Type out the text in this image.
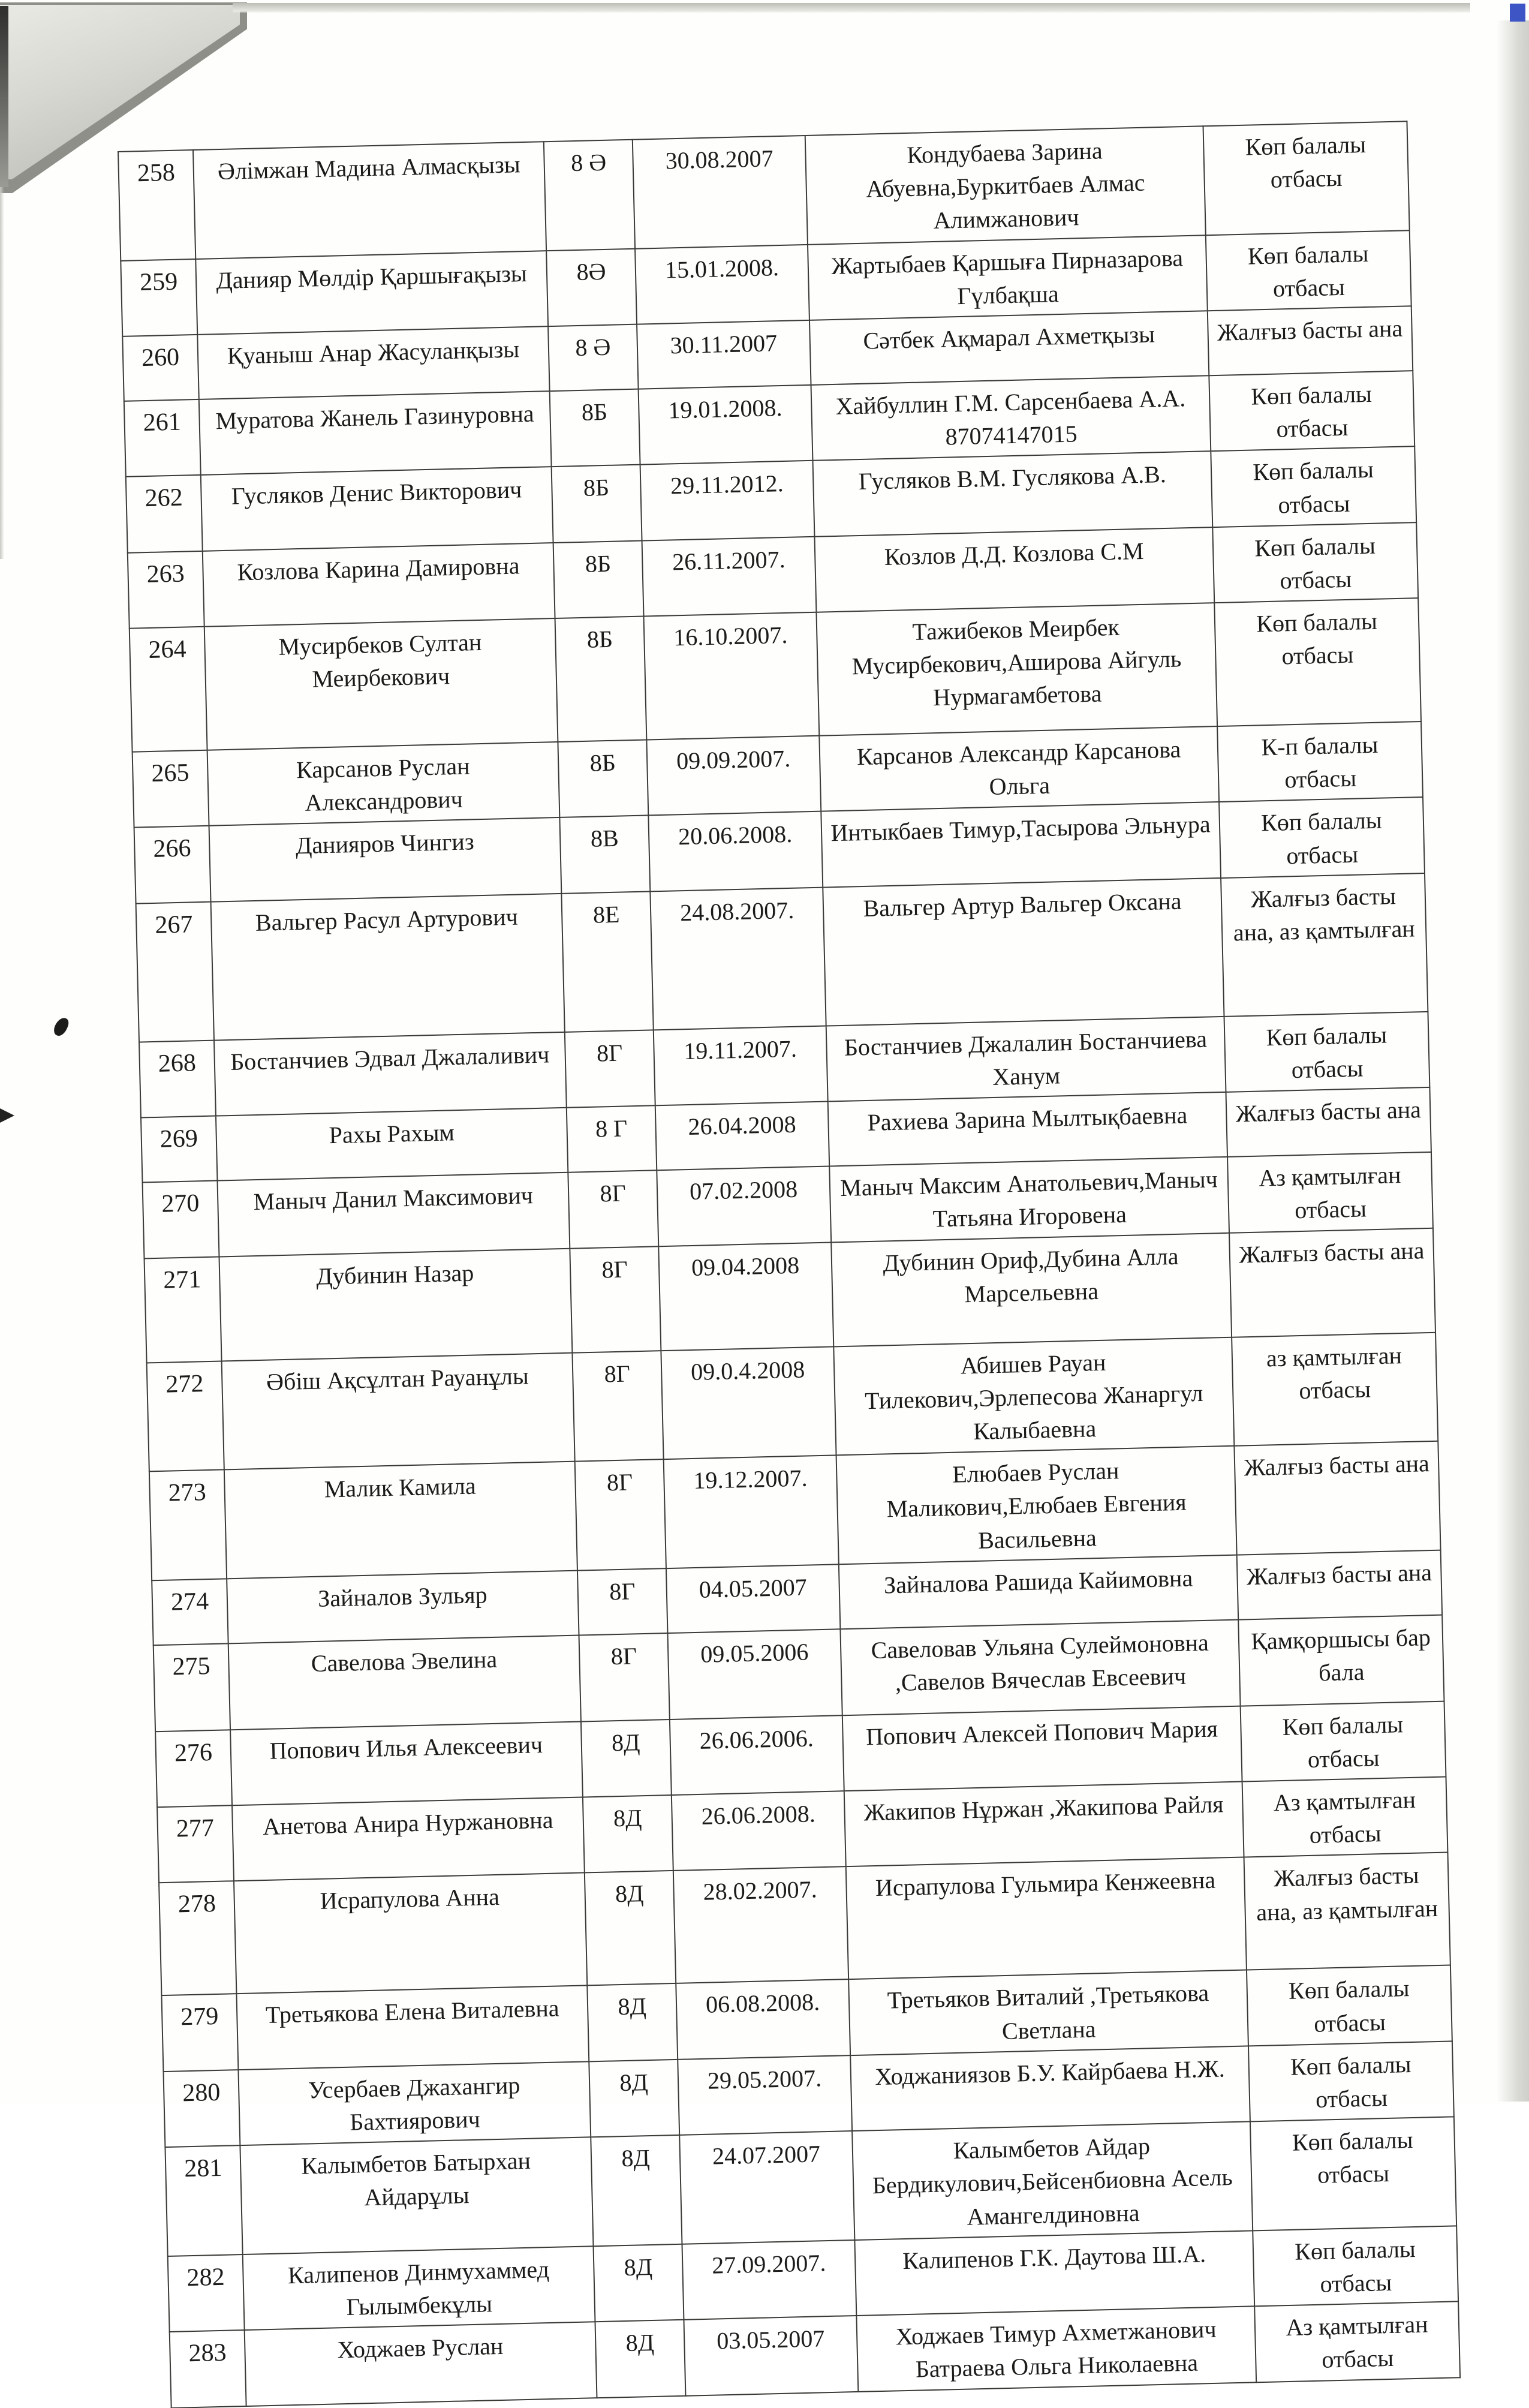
258	Әлімжан Мадина Алмасқызы	8 Ә	30.08.2007	Кондубаева Зарина Абуевна,Буркитбаев Алмас Алимжанович	Көп балалы отбасы
259	Данияр Мөлдір Қаршығақызы	8Ә	15.01.2008.	Жартыбаев Қаршыға Пирназарова Гүлбақша	Көп балалы отбасы
260	Қуаныш Анар Жасуланқызы	8 Ә	30.11.2007	Сәтбек Ақмарал Ахметқызы	Жалғыз басты ана
261	Муратова Жанель Газинуровна	8Б	19.01.2008.	Хайбуллин Г.М. Сарсенбаева А.А. 87074147015	Көп балалы отбасы
262	Гусляков Денис Викторович	8Б	29.11.2012.	Гусляков В.М. Гуслякова А.В.	Көп балалы отбасы
263	Козлова Карина Дамировна	8Б	26.11.2007.	Козлов Д.Д. Козлова С.М	Көп балалы отбасы
264	Мусирбеков Султан Меирбекович	8Б	16.10.2007.	Тажибеков Меирбек Мусирбекович,Аширова Айгуль Нурмагамбетова	Көп балалы отбасы
265	Карсанов Руслан Александрович	8Б	09.09.2007.	Карсанов Александр Карсанова Ольга	К-п балалы отбасы
266	Данияров Чингиз	8В	20.06.2008.	Интыкбаев Тимур,Тасырова Эльнура	Көп балалы отбасы
267	Вальгер Расул Артурович	8Е	24.08.2007.	Вальгер Артур Вальгер Оксана	Жалғыз басты ана, аз қамтылған
268	Бостанчиев Эдвал Джалаливич	8Г	19.11.2007.	Бостанчиев Джалалин Бостанчиева Ханум	Көп балалы отбасы
269	Рахы Рахым	8 Г	26.04.2008	Рахиева Зарина Мылтықбаевна	Жалғыз басты ана
270	Маныч Данил Максимович	8Г	07.02.2008	Маныч Максим Анатольевич,Маныч Татьяна Игоровена	Аз қамтылған отбасы
271	Дубинин Назар	8Г	09.04.2008	Дубинин Ориф,Дубина Алла Марсельевна	Жалғыз басты ана
272	Әбіш Ақсұлтан Рауанұлы	8Г	09.0.4.2008	Абишев Рауан Тилекович,Эрлепесова Жанаргул Калыбаевна	аз қамтылған отбасы
273	Малик Камила	8Г	19.12.2007.	Елюбаев Руслан Маликович,Елюбаев Евгения Васильевна	Жалғыз басты ана
274	Зайналов Зульяр	8Г	04.05.2007	Зайналова Рашида Кайимовна	Жалғыз басты ана
275	Савелова Эвелина	8Г	09.05.2006	Савеловав Ульяна Сулеймоновна ,Савелов Вячеслав Евсеевич	Қамқоршысы бар бала
276	Попович Илья Алексеевич	8Д	26.06.2006.	Попович Алексей Попович Мария	Көп балалы отбасы
277	Анетова Анира Нуржановна	8Д	26.06.2008.	Жакипов Нұржан ,Жакипова Райля	Аз қамтылған отбасы
278	Исрапулова Анна	8Д	28.02.2007.	Исрапулова Гульмира Кенжеевна	Жалғыз басты ана, аз қамтылған
279	Третьякова Елена Виталевна	8Д	06.08.2008.	Третьяков Виталий ,Третьякова Светлана	Көп балалы отбасы
280	Усербаев Джахангир Бахтиярович	8Д	29.05.2007.	Ходжаниязов Б.У. Кайрбаева Н.Ж.	Көп балалы отбасы
281	Калымбетов Батырхан Айдарұлы	8Д	24.07.2007	Калымбетов Айдар Бердикулович,Бейсенбиовна Асель Амангелдиновна	Көп балалы отбасы
282	Калипенов Динмухаммед Гылымбекұлы	8Д	27.09.2007.	Калипенов Г.К. Даутова Ш.А.	Көп балалы отбасы
283	Ходжаев Руслан	8Д	03.05.2007	Ходжаев Тимур Ахметжанович Батраева Ольга Николаевна	Аз қамтылған отбасы
